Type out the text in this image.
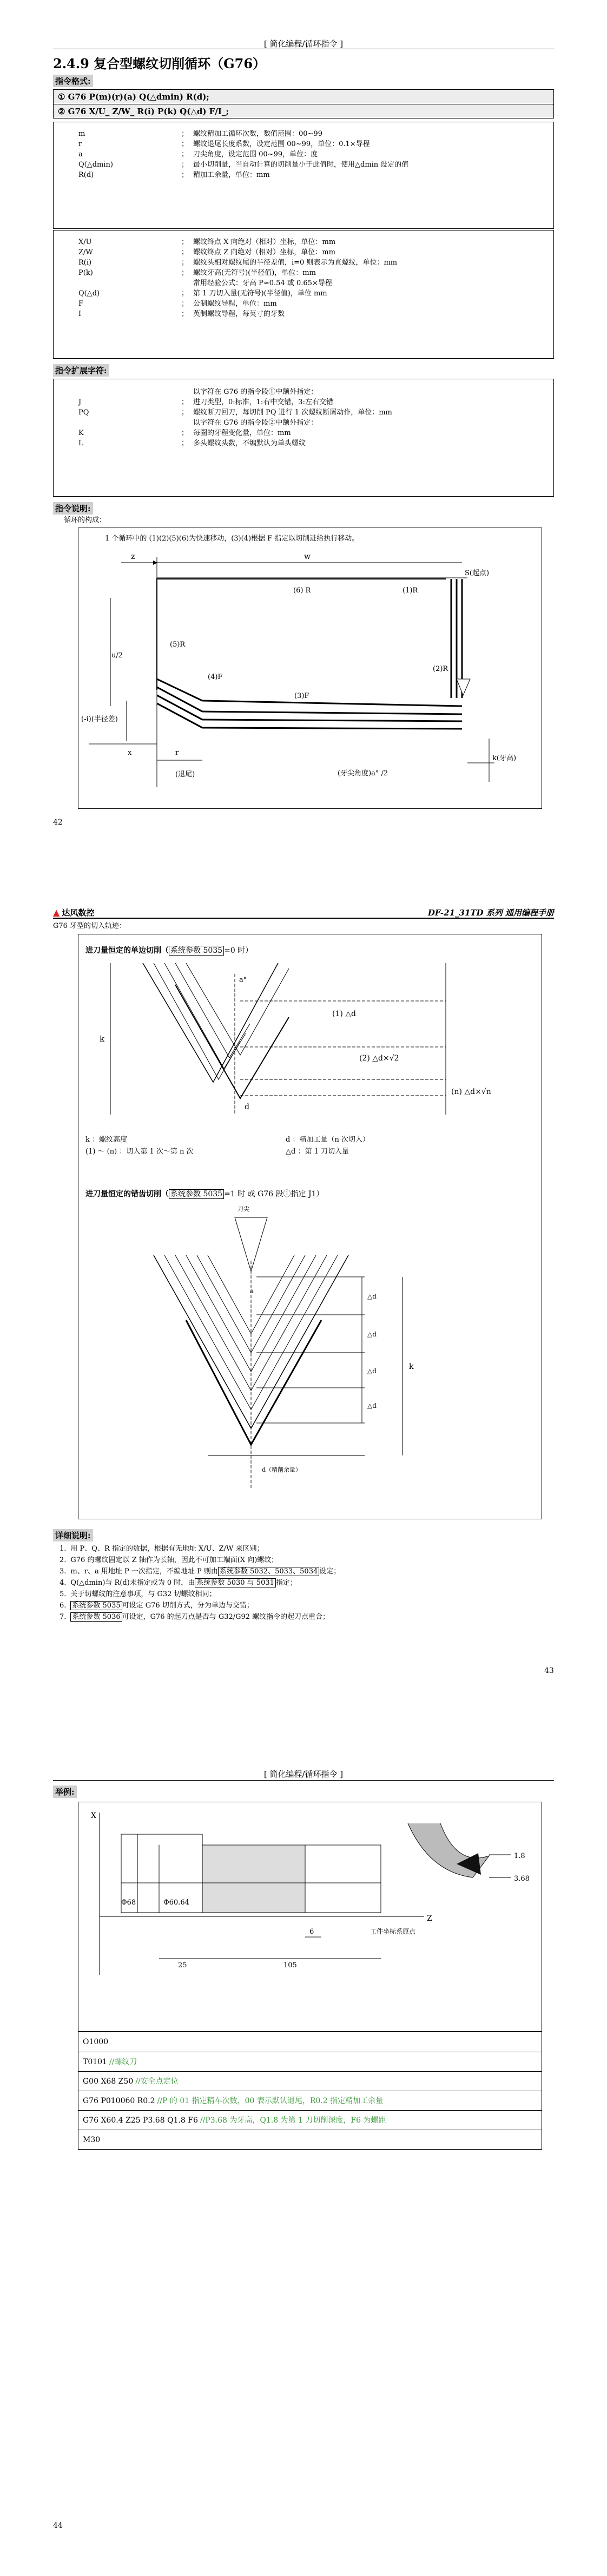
[ 简化编程/循环指令 ]
2.4.9 复合型螺纹切削循环（G76）
指令格式:
① G76 P(m)(r)(a) Q(△dmin) R(d);
② G76 X/U_ Z/W_ R(i) P(k) Q(△d) F/I_;
m	； 螺纹精加工循环次数，数值范围：00~99
r	； 螺纹退尾长度系数，设定范围 00~99，单位：0.1×导程
a	； 刀尖角度，设定范围 00~99，单位：度
Q(△dmin)	； 最小切削量，当自动计算的切削量小于此值时，使用△dmin 设定的值
R(d)	； 精加工余量，单位：mm
X/U	； 螺纹终点 X 向绝对（相对）坐标，单位：mm
Z/W	； 螺纹终点 Z 向绝对（相对）坐标，单位：mm
R(i)	； 螺纹头相对螺纹尾的半径差值，i=0 则表示为直螺纹，单位：mm
P(k)	； 螺纹牙高(无符号)(半径值)，单位：mm
常用经验公式：牙高 P≈0.54 或 0.65×导程
Q(△d)	； 第 1 刀切入量(无符号)(半径值)，单位 mm
F	； 公制螺纹导程，单位：mm
I	； 英制螺纹导程，每英寸的牙数
指令扩展字符:
以字符在 G76 的指令段①中额外指定：
J	； 进刀类型，0:标准，1:右中交错，3:左右交错
PQ	； 螺纹断刀回刀，每切削 PQ 进行 1 次螺纹断屑动作，单位：mm
以字符在 G76 的指令段②中额外指定：
K	； 每圈的牙程变化量，单位：mm
L	； 多头螺纹头数，不编默认为单头螺纹
指令说明:
循环的构成：
1 个循环中的 (1)(2)(5)(6)为快速移动，(3)(4)根据 F 指定以切削进给执行移动。
z	w
S(起点)
(1)R
(2)R
(5)R
(6) R
(3)F
(4)F
u/2
(-i)(半径差)
x	r
(退尾)	(牙尖角度)a° /2
k(牙高)
42
▲ 达风数控	DF-21_31TD 系列 通用编程手册
G76 牙型的切入轨迹：
进刀量恒定的单边切削（ 系统参数 5035 =0 时）
a°
(1) △d
(2) △d×√2
(n) △d×√n
k
d
k ：螺纹高度	d ：精加工量（n 次切入）
(1) ～ (n) ：切入第 1 次～第 n 次	△d ：第 1 刀切入量
进刀量恒定的错齿切削（ 系统参数 5035 =1 时 或 G76 段①指定 J1）
刀尖
a
△d
△d
△d
△d
k
d（精削余量）
详细说明:
1. 用 P、Q、R 指定的数据，根据有无地址 X/U、Z/W 来区别；
2. G76 的螺纹固定以 Z 轴作为长轴，因此不可加工端面(X 向)螺纹；
3. m、r、a 用地址 P 一次指定，不编地址 P 则由 系统参数 5032、5033、5034 设定；
4. Q(△dmin)与 R(d)未指定或为 0 时，由 系统参数 5030 与 5031 指定；
5. 关于切螺纹的注意事项，与 G32 切螺纹相同；
6. 系统参数 5035 可设定 G76 切削方式，分为单边与交错；
7. 系统参数 5036 可设定，G76 的起刀点是否与 G32/G92 螺纹指令的起刀点重合；
43
[ 简化编程/循环指令 ]
举例:
X
Z
Φ68	Φ60.64
25	105
6	工件坐标系原点
1.8
3.68
O1000
T0101 //螺纹刀
G00 X68 Z50 //安全点定位
G76 P010060 R0.2 //P 的 01 指定精车次数，00 表示默认退尾，R0.2 指定精加工余量
G76 X60.4 Z25 P3.68 Q1.8 F6 //P3.68 为牙高，Q1.8 为第 1 刀切削深度，F6 为螺距
M30
44
